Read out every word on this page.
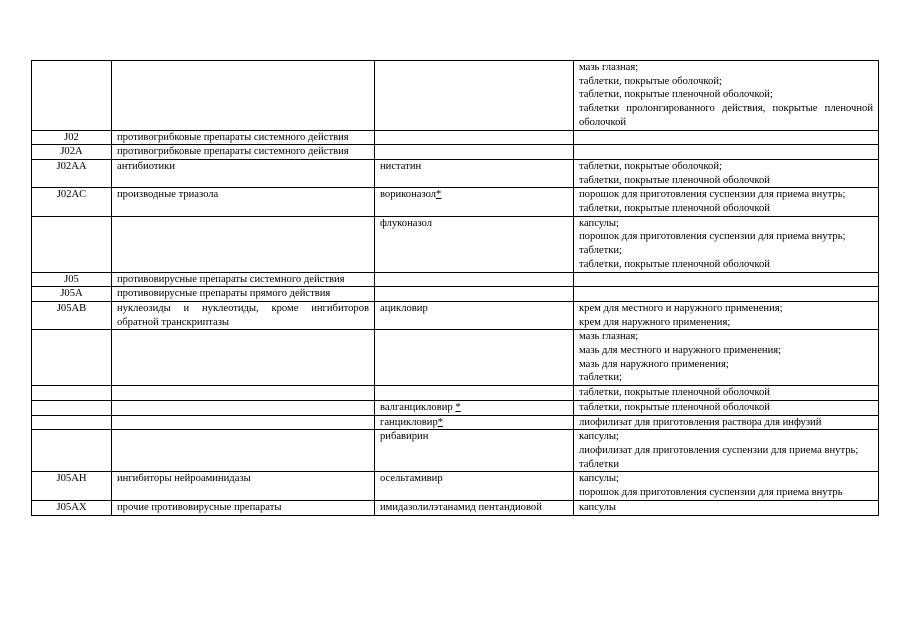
			мазь глазная;
таблетки, покрытые оболочкой;
таблетки, покрытые пленочной оболочкой;
таблетки пролонгированного действия, покрытые пленочной оболочкой

J02	противогрибковые препараты системного действия		
J02A	противогрибковые препараты системного действия		
J02AA	антибиотики	нистатин	таблетки, покрытые оболочкой;
таблетки, покрытые пленочной оболочкой

J02AC	производные триазола	вориконазол*	порошок для приготовления суспензии для приема внутрь;
таблетки, покрытые пленочной оболочкой

		флуконазол	капсулы;
порошок для приготовления суспензии для приема внутрь;
таблетки;
таблетки, покрытые пленочной оболочкой

J05	противовирусные препараты системного действия		
J05A	противовирусные препараты прямого действия		
J05AB	нуклеозиды и нуклеотиды, кроме ингибиторов обратной транскриптазы	ацикловир	крем для местного и наружного применения;
крем для наружного применения;

			мазь глазная;
мазь для местного и наружного применения;
мазь для наружного применения;
таблетки;

			таблетки, покрытые пленочной оболочкой

		валганцикловир *	таблетки, покрытые пленочной оболочкой

		ганцикловир*	лиофилизат для приготовления раствора для инфузий

		рибавирин	капсулы;
лиофилизат для приготовления суспензии для приема внутрь;
таблетки

J05AH	ингибиторы нейроаминидазы	осельтамивир	капсулы;
порошок для приготовления суспензии для приема внутрь

J05AX	прочие противовирусные препараты	имидазолилэтанамид пентандиовой	капсулы
